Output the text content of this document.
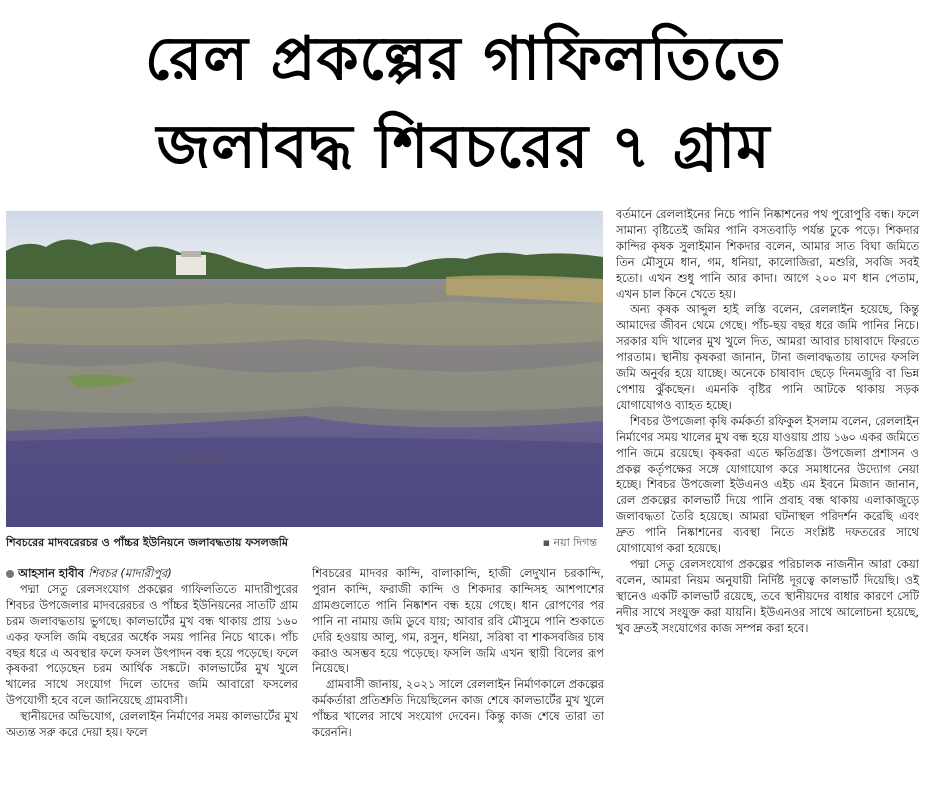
রেল প্রকল্পের গাফিলতিতে
জলাবদ্ধ শিবচরের ৭ গ্রাম
শিবচরের মাদবরেরচর ও পাঁচ্চর ইউনিয়নে জলাবদ্ধতায় ফসলজমি	▪ নয়া দিগন্ত

আহসান হাবীব শিবচর (মাদারীপুর)

পদ্মা সেতু রেলসংযোগ প্রকল্পের গাফিলতিতে মাদারীপুরের শিবচর উপজেলার মাদবরেরচর ও পাঁচ্চর ইউনিয়নের সাতটি গ্রাম চরম জলাবদ্ধতায় ভুগছে। কালভার্টের মুখ বন্ধ থাকায় প্রায় ১৬০ একর ফসলি জমি বছরের অর্ধেক সময় পানির নিচে থাকে। পাঁচ বছর ধরে এ অবস্থার ফলে ফসল উৎপাদন বন্ধ হয়ে পড়েছে। ফলে কৃষকরা পড়েছেন চরম আর্থিক সঙ্কটে। কালভার্টের মুখ খুলে খালের সাথে সংযোগ দিলে তাদের জমি আবারো ফসলের উপযোগী হবে বলে জানিয়েছে গ্রামবাসী।

স্থানীয়দের অভিযোগ, রেললাইন নির্মাণের সময় কালভার্টের মুখ অত্যন্ত সরু করে দেয়া হয়। ফলে

শিবচরের মাদবর কান্দি, বালাকান্দি, হাজী লেদুখান চরকান্দি, পুরান কান্দি, ফরাজী কান্দি ও শিকদার কান্দিসহ আশপাশের গ্রামগুলোতে পানি নিষ্কাশন বন্ধ হয়ে গেছে। ধান রোপণের পর পানি না নামায় জমি ডুবে যায়; আবার রবি মৌসুমে পানি শুকাতে দেরি হওয়ায় আলু, গম, রসুন, ধনিয়া, সরিষা বা শাকসবজির চাষ করাও অসম্ভব হয়ে পড়েছে। ফসলি জমি এখন স্থায়ী বিলের রূপ নিয়েছে।

গ্রামবাসী জানায়, ২০২১ সালে রেললাইন নির্মাণকালে প্রকল্পের কর্মকর্তারা প্রতিশ্রুতি দিয়েছিলেন কাজ শেষে কালভার্টের মুখ খুলে পাঁচ্চর খালের সাথে সংযোগ দেবেন। কিন্তু কাজ শেষে তারা তা করেননি।

বর্তমানে রেললাইনের নিচে পানি নিষ্কাশনের পথ পুরোপুরি বন্ধ। ফলে সামান্য বৃষ্টিতেই জমির পানি বসতবাড়ি পর্যন্ত ঢুকে পড়ে। শিকদার কান্দির কৃষক সুলাইমান শিকদার বলেন, আমার সাত বিঘা জমিতে তিন মৌসুমে ধান, গম, ধনিয়া, কালোজিরা, মশুরি, সবজি সবই হতো। এখন শুধু পানি আর কাদা। আগে ২০০ মণ ধান পেতাম, এখন চাল কিনে খেতে হয়।

অন্য কৃষক আব্দুল হাই লস্তি বলেন, রেললাইন হয়েছে, কিন্তু আমাদের জীবন থেমে গেছে। পাঁচ-ছয় বছর ধরে জমি পানির নিচে। সরকার যদি খালের মুখ খুলে দিত, আমরা আবার চাষাবাদে ফিরতে পারতাম। স্থানীয় কৃষকরা জানান, টানা জলাবদ্ধতায় তাদের ফসলি জমি অনুর্বর হয়ে যাচ্ছে। অনেকে চাষাবাদ ছেড়ে দিনমজুরি বা ভিন্ন পেশায় ঝুঁকছেন। এমনকি বৃষ্টির পানি আটকে থাকায় সড়ক যোগাযোগও ব্যাহত হচ্ছে।

শিবচর উপজেলা কৃষি কর্মকর্তা রফিকুল ইসলাম বলেন, রেললাইন নির্মাণের সময় খালের মুখ বন্ধ হয়ে যাওয়ায় প্রায় ১৬০ একর জমিতে পানি জমে রয়েছে। কৃষকরা এতে ক্ষতিগ্রস্ত। উপজেলা প্রশাসন ও প্রকল্প কর্তৃপক্ষের সঙ্গে যোগাযোগ করে সমাধানের উদ্যোগ নেয়া হচ্ছে। শিবচর উপজেলা ইউএনও এইচ এম ইবনে মিজান জানান, রেল প্রকল্পের কালভার্ট দিয়ে পানি প্রবাহ বন্ধ থাকায় এলাকাজুড়ে জলাবদ্ধতা তৈরি হয়েছে। আমরা ঘটনাস্থল পরিদর্শন করেছি এবং দ্রুত পানি নিষ্কাশনের ব্যবস্থা নিতে সংশ্লিষ্ট দফতরের সাথে যোগাযোগ করা হয়েছে।

পদ্মা সেতু রেলসংযোগ প্রকল্পের পরিচালক নাজনীন আরা কেয়া বলেন, আমরা নিয়ম অনুযায়ী নির্দিষ্ট দূরত্বে কালভার্ট দিয়েছি। ওই স্থানেও একটি কালভার্ট রয়েছে, তবে স্থানীয়দের বাধার কারণে সেটি নদীর সাথে সংযুক্ত করা যায়নি। ইউএনওর সাথে আলোচনা হয়েছে, খুব দ্রুতই সংযোগের কাজ সম্পন্ন করা হবে।
